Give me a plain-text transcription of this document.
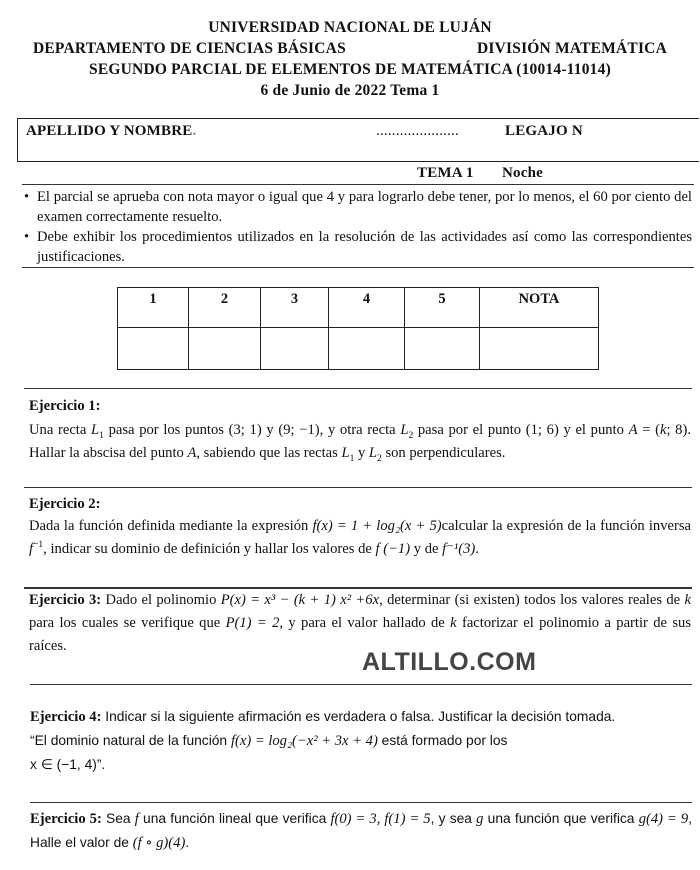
UNIVERSIDAD NACIONAL DE LUJÁN
DEPARTAMENTO DE CIENCIAS BÁSICAS	DIVISIÓN MATEMÁTICA
SEGUNDO PARCIAL DE ELEMENTOS DE MATEMÁTICA (10014-11014)
6 de Junio de 2022 Tema 1
APELLIDO Y NOMBRE.	.....................	LEGAJO N
TEMA 1 Noche
• El parcial se aprueba con nota mayor o igual que 4 y para lograrlo debe tener, por lo menos, el 60 por ciento del examen correctamente resuelto.
• Debe exhibir los procedimientos utilizados en la resolución de las actividades así como las correspondientes justificaciones.
1	2	3	4	5	NOTA

Ejercicio 1:
Una recta $L_1$ pasa por los puntos (3; 1) y (9; −1), y otra recta $L_2$ pasa por el punto (1; 6) y el punto A = (k; 8). Hallar la abscisa del punto A, sabiendo que las rectas $L_1$ y $L_2$ son perpendiculares.
Ejercicio 2:
Dada la función definida mediante la expresión f(x) = 1 + log₂(x + 5)calcular la expresión de la función inversa $f^{-1}$, indicar su dominio de definición y hallar los valores de f (−1) y de f⁻¹(3).
Ejercicio 3: Dado el polinomio P(x) = x³ − (k + 1) x² +6x, determinar (si existen) todos los valores reales de k para los cuales se verifique que P(1) = 2, y para el valor hallado de k factorizar el polinomio a partir de sus raíces.
ALTILLO.COM
Ejercicio 4: Indicar si la siguiente afirmación es verdadera o falsa. Justificar la decisión tomada.
“El dominio natural de la función f(x) = log₂(−x² + 3x + 4) está formado por los
x ∈ (−1, 4)”.
Ejercicio 5: Sea f una función lineal que verifica f(0) = 3, f(1) = 5, y sea g una función que verifica g(4) = 9, Halle el valor de (f ∘ g)(4).
